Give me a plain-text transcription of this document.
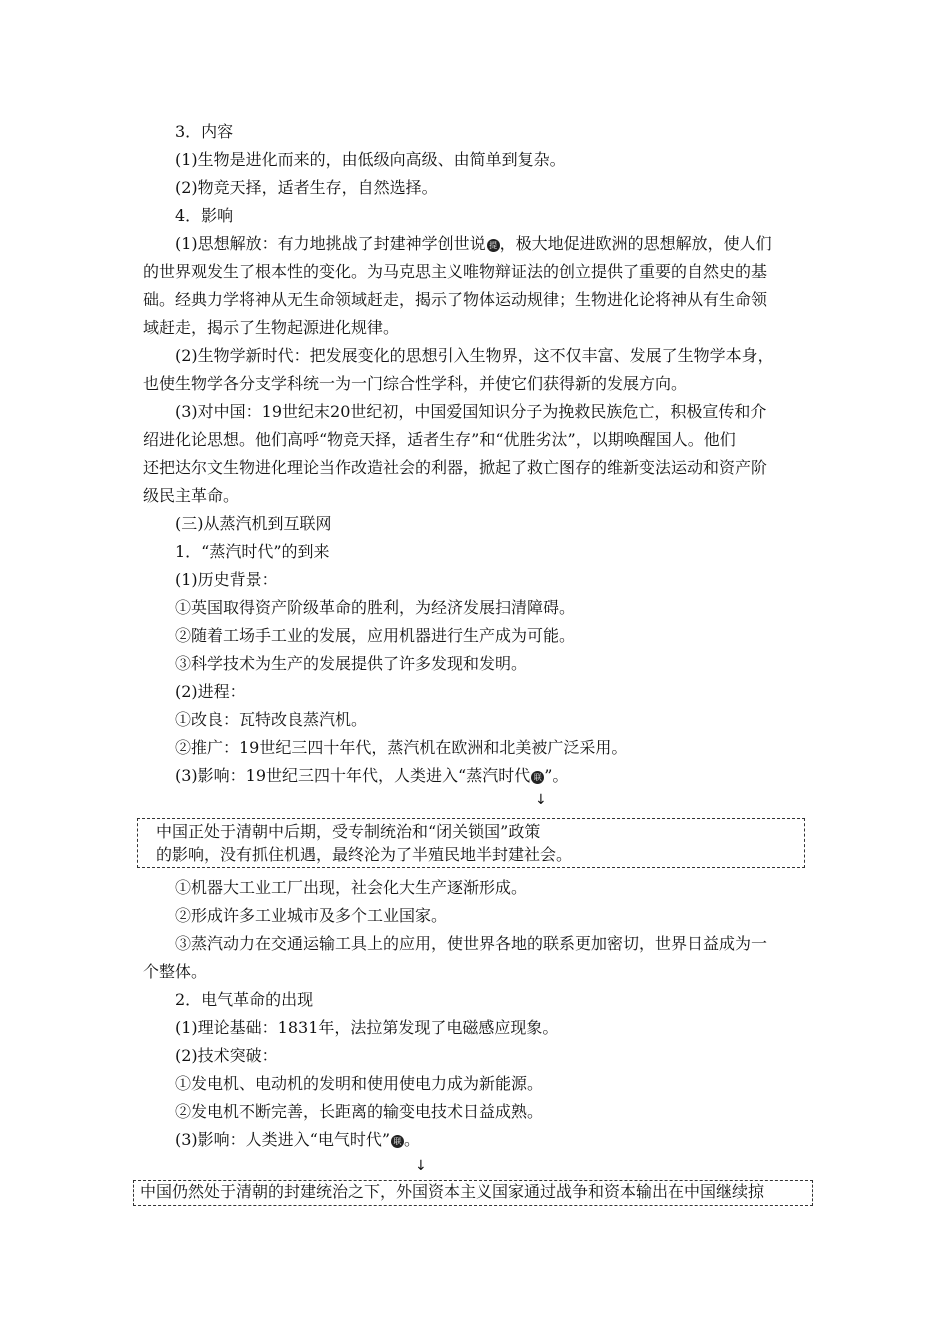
3．内容
(1)生物是进化而来的，由低级向高级、由简单到复杂。
(2)物竞天择，适者生存，自然选择。
4．影响
(1)思想解放：有力地挑战了封建神学创世说 提 ，极大地促进欧洲的思想解放，使人们
的世界观发生了根本性的变化。为马克思主义唯物辩证法的创立提供了重要的自然史的基
础。经典力学将神从无生命领域赶走，揭示了物体运动规律；生物进化论将神从有生命领
域赶走，揭示了生物起源进化规律。
(2)生物学新时代：把发展变化的思想引入生物界，这不仅丰富、发展了生物学本身，
也使生物学各分支学科统一为一门综合性学科，并使它们获得新的发展方向。
(3)对中国：19世纪末20世纪初，中国爱国知识分子为挽救民族危亡，积极宣传和介
绍进化论思想。他们高呼“物竞天择，适者生存”和“优胜劣汰”，以期唤醒国人。他们
还把达尔文生物进化理论当作改造社会的利器，掀起了救亡图存的维新变法运动和资产阶
级民主革命。
(三)从蒸汽机到互联网
1．“蒸汽时代”的到来
(1)历史背景：
①英国取得资产阶级革命的胜利，为经济发展扫清障碍。
②随着工场手工业的发展，应用机器进行生产成为可能。
③科学技术为生产的发展提供了许多发现和发明。
(2)进程：
①改良：瓦特改良蒸汽机。
②推广：19世纪三四十年代，蒸汽机在欧洲和北美被广泛采用。
(3)影响：19世纪三四十年代，人类进入“蒸汽时代 联 ”。
↓
中国正处于清朝中后期，受专制统治和“闭关锁国”政策
的影响，没有抓住机遇，最终沦为了半殖民地半封建社会。
①机器大工业工厂出现，社会化大生产逐渐形成。
②形成许多工业城市及多个工业国家。
③蒸汽动力在交通运输工具上的应用，使世界各地的联系更加密切，世界日益成为一
个整体。
2．电气革命的出现
(1)理论基础：1831年，法拉第发现了电磁感应现象。
(2)技术突破：
①发电机、电动机的发明和使用使电力成为新能源。
②发电机不断完善，长距离的输变电技术日益成熟。
(3)影响：人类进入“电气时代” 联 。
↓
中国仍然处于清朝的封建统治之下，外国资本主义国家通过战争和资本输出在中国继续掠
